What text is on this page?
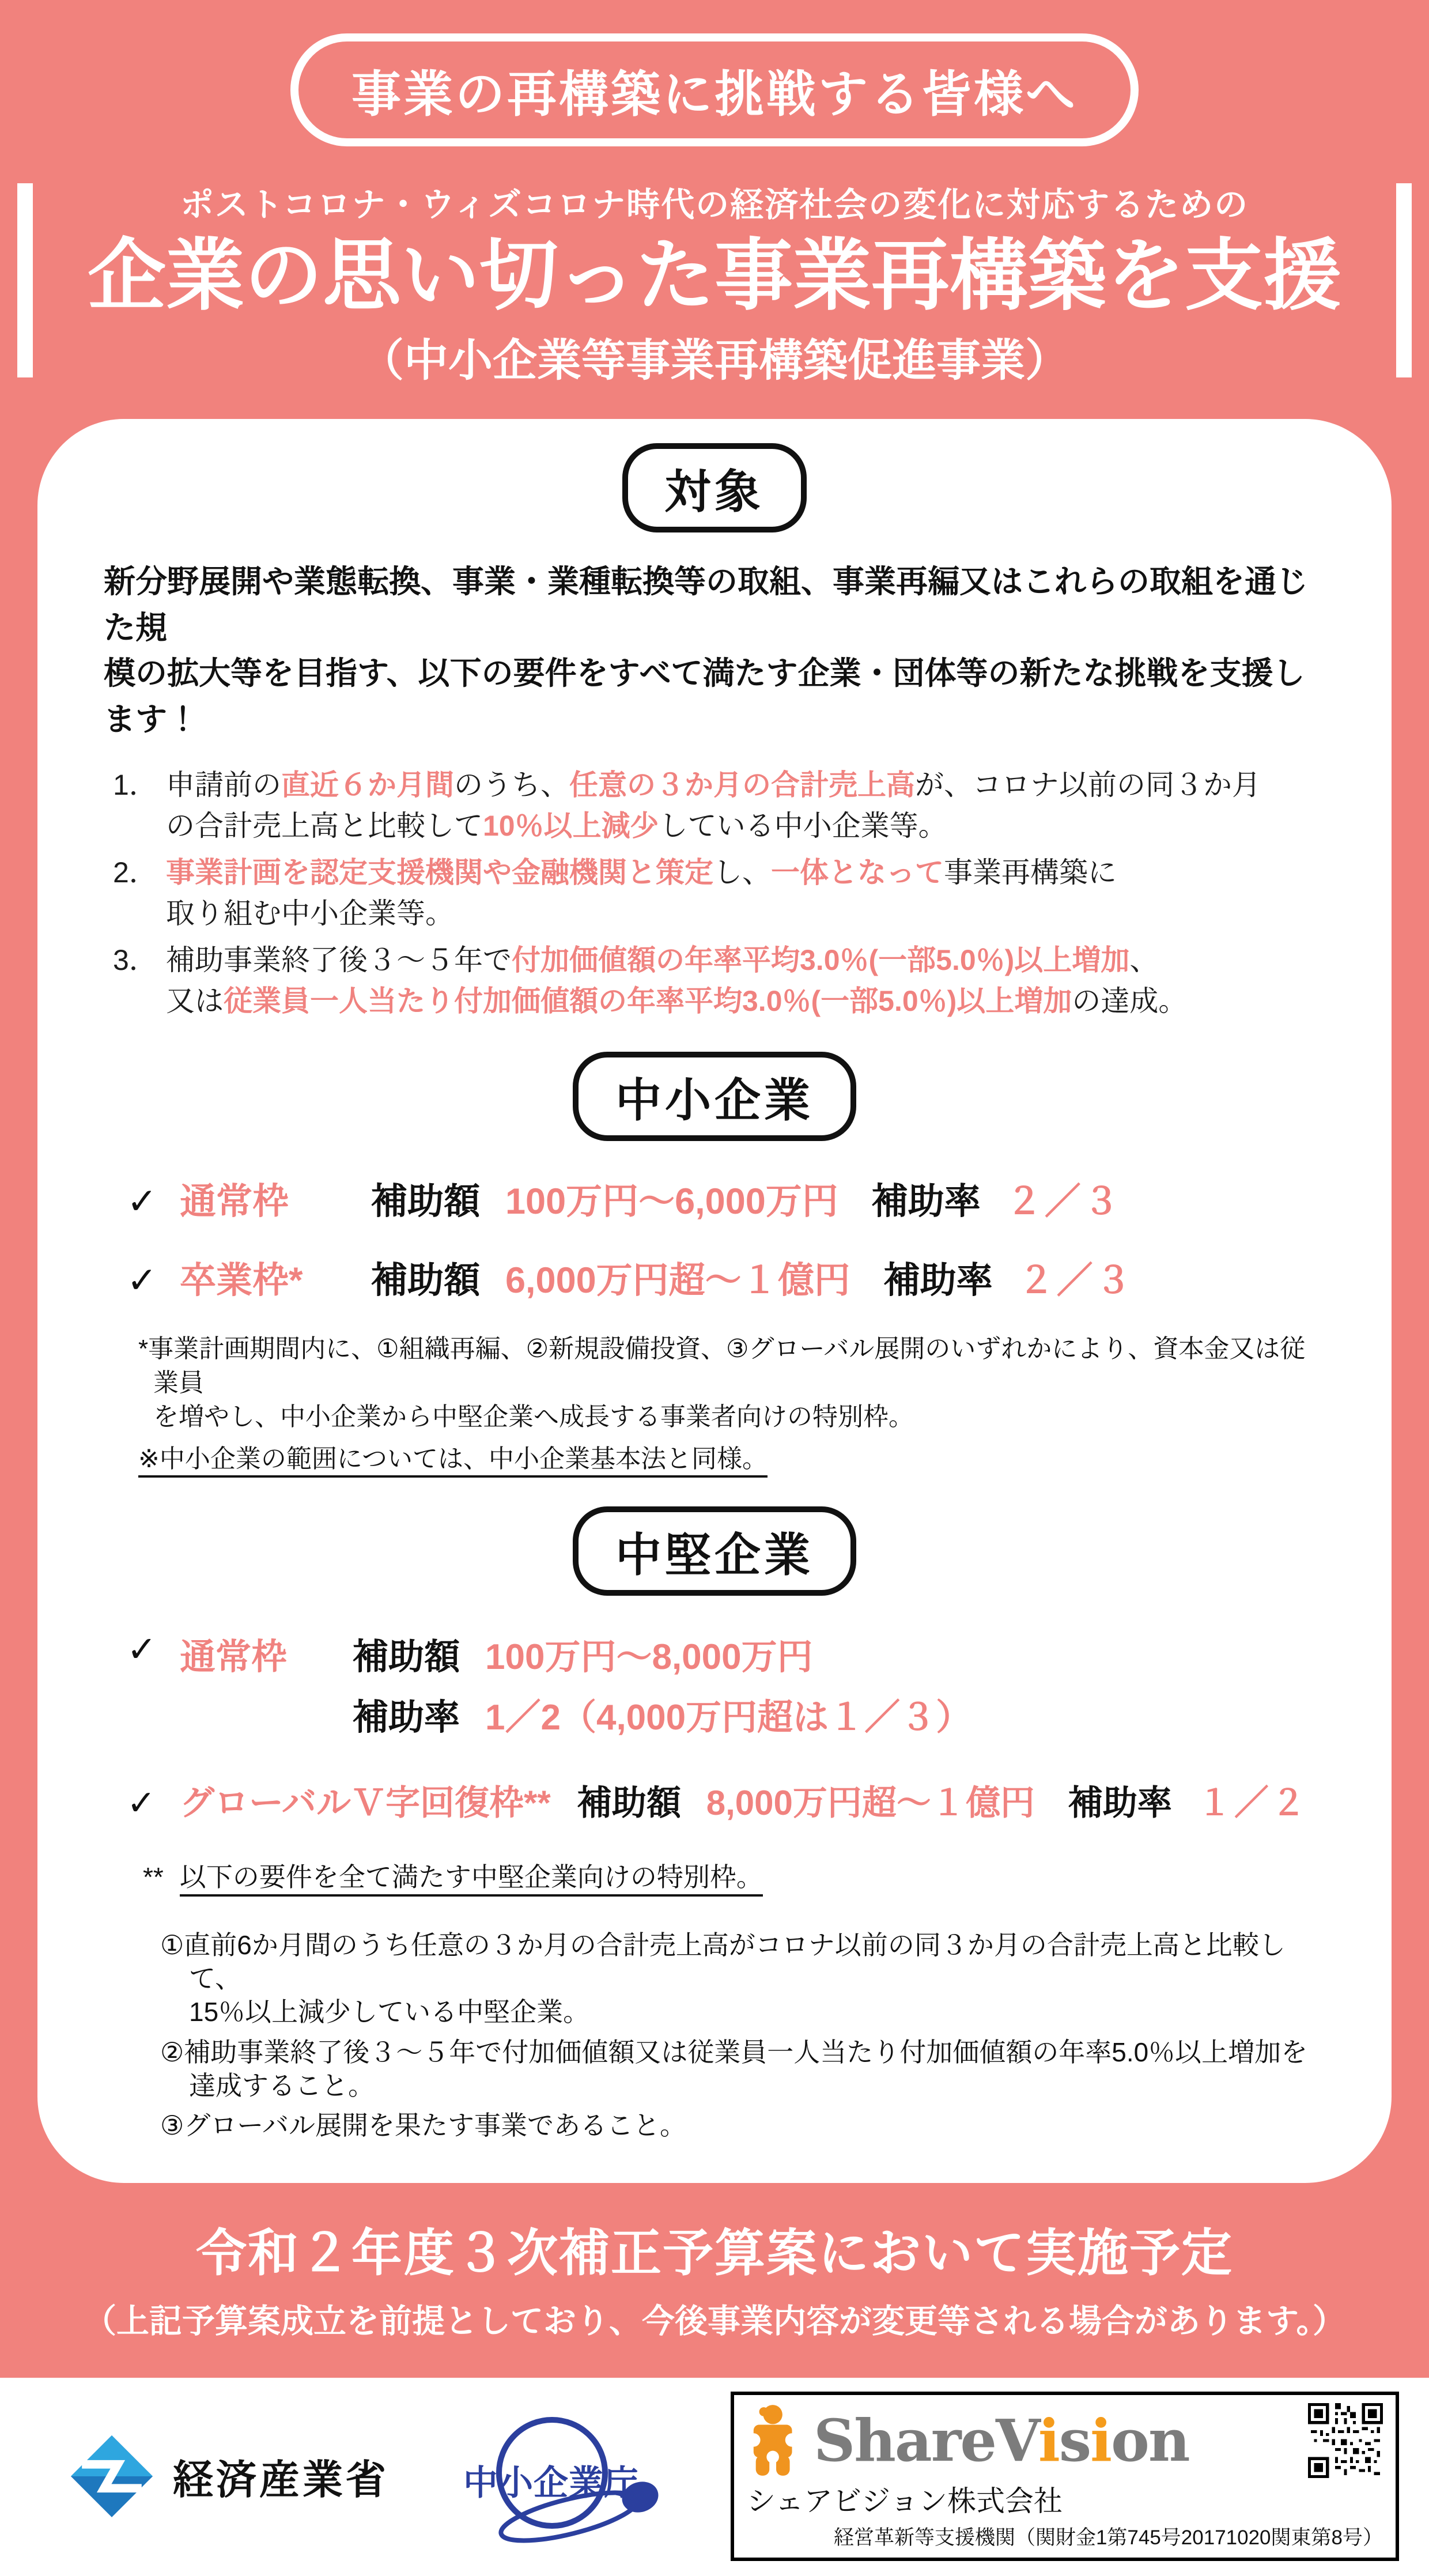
事業の再構築に挑戦する皆様へ
ポストコロナ・ウィズコロナ時代の経済社会の変化に対応するための
企業の思い切った事業再構築を支援
（中小企業等事業再構築促進事業）
対象
新分野展開や業態転換、事業・業種転換等の取組、事業再編又はこれらの取組を通じた規
模の拡大等を目指す、以下の要件をすべて満たす企業・団体等の新たな挑戦を支援します！
1． 申請前の直近６か月間のうち、任意の３か月の合計売上高が、コロナ以前の同３か月
の合計売上高と比較して10％以上減少している中小企業等。
2． 事業計画を認定支援機関や金融機関と策定し、一体となって事業再構築に
取り組む中小企業等。
3． 補助事業終了後３～５年で付加価値額の年率平均3.0％(一部5.0％)以上増加、
又は従業員一人当たり付加価値額の年率平均3.0％(一部5.0％)以上増加の達成。
中小企業
✓ 通常枠	補助額 100万円～6,000万円 補助率 ２／３
✓ 卒業枠*	補助額 6,000万円超～１億円 補助率 ２／３
*事業計画期間内に、①組織再編、②新規設備投資、③グローバル展開のいずれかにより、資本金又は従業員
を増やし、中小企業から中堅企業へ成長する事業者向けの特別枠。
※中小企業の範囲については、中小企業基本法と同様。
中堅企業
✓ 通常枠	補助額 100万円～8,000万円
補助率 1／2（4,000万円超は１／３）
✓ グローバルＶ字回復枠** 補助額 8,000万円超～１億円 補助率 １／２
** 以下の要件を全て満たす中堅企業向けの特別枠。
①直前6か月間のうち任意の３か月の合計売上高がコロナ以前の同３か月の合計売上高と比較して、
15％以上減少している中堅企業。
②補助事業終了後３～５年で付加価値額又は従業員一人当たり付加価値額の年率5.0％以上増加を
達成すること。
③グローバル展開を果たす事業であること。
令和２年度３次補正予算案において実施予定
（上記予算案成立を前提としており、今後事業内容が変更等される場合があります。）
経済産業省 中小企業庁
ShareVision
シェアビジョン株式会社
経営革新等支援機関（関財金1第745号20171020関東第8号）
